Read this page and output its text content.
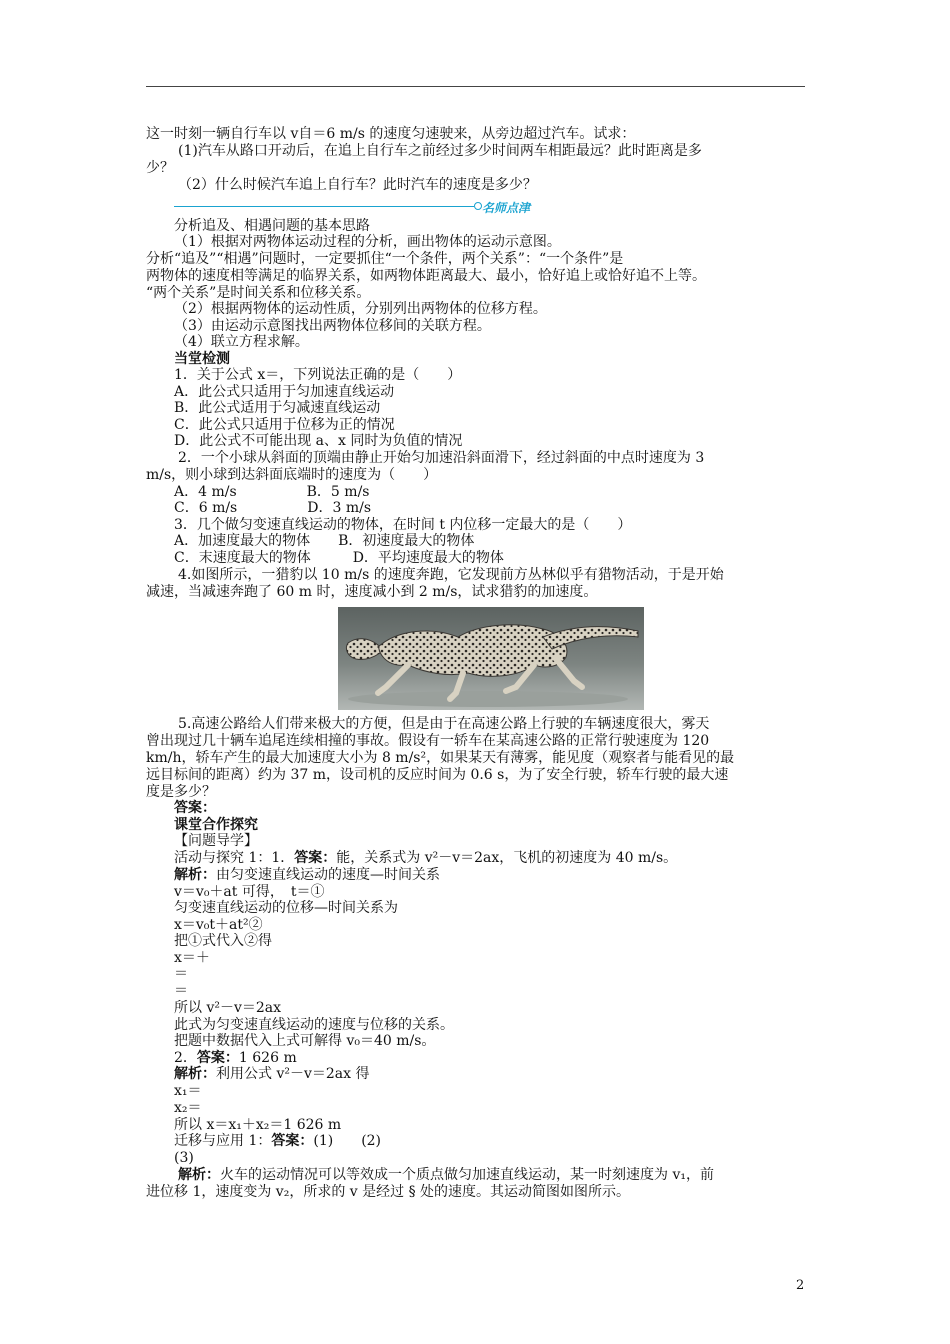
这一时刻一辆自行车以 v自＝6 m/s 的速度匀速驶来，从旁边超过汽车。试求：
(1)汽车从路口开动后，在追上自行车之前经过多少时间两车相距最远？此时距离是多
少？
（2）什么时候汽车追上自行车？此时汽车的速度是多少？
名师点津
分析追及、相遇问题的基本思路
（1）根据对两物体运动过程的分析，画出物体的运动示意图。
分析“追及”“相遇”问题时，一定要抓住“一个条件，两个关系”：“一个条件”是
两物体的速度相等满足的临界关系，如两物体距离最大、最小，恰好追上或恰好追不上等。
“两个关系”是时间关系和位移关系。
（2）根据两物体的运动性质，分别列出两物体的位移方程。
（3）由运动示意图找出两物体位移间的关联方程。
（4）联立方程求解。
当堂检测
1．关于公式 x＝，下列说法正确的是（　　）
A．此公式只适用于匀加速直线运动
B．此公式适用于匀减速直线运动
C．此公式只适用于位移为正的情况
D．此公式不可能出现 a、x 同时为负值的情况
2．一个小球从斜面的顶端由静止开始匀加速沿斜面滑下，经过斜面的中点时速度为 3
m/s，则小球到达斜面底端时的速度为（　　）
A．4 m/s　　　　　B．5 m/s
C．6 m/s　　　　　D．3 m/s
3．几个做匀变速直线运动的物体，在时间 t 内位移一定最大的是（　　）
A．加速度最大的物体　　B．初速度最大的物体
C．末速度最大的物体　　　D．平均速度最大的物体
4.如图所示，一猎豹以 10 m/s 的速度奔跑，它发现前方丛林似乎有猎物活动，于是开始
减速，当减速奔跑了 60 m 时，速度减小到 2 m/s，试求猎豹的加速度。
5.高速公路给人们带来极大的方便，但是由于在高速公路上行驶的车辆速度很大，雾天
曾出现过几十辆车追尾连续相撞的事故。假设有一轿车在某高速公路的正常行驶速度为 120
km/h，轿车产生的最大加速度大小为 8 m/s²，如果某天有薄雾，能见度（观察者与能看见的最
远目标间的距离）约为 37 m，设司机的反应时间为 0.6 s，为了安全行驶，轿车行驶的最大速
度是多少？
答案：
课堂合作探究
【问题导学】
活动与探究 1：1．答案：能，关系式为 v²－v＝2ax，飞机的初速度为 40 m/s。
解析：由匀变速直线运动的速度—时间关系
v＝v₀＋at 可得，　t＝①
匀变速直线运动的位移—时间关系为
x＝v₀t＋at²②
把①式代入②得
x＝＋
＝
＝
所以 v²－v＝2ax
此式为匀变速直线运动的速度与位移的关系。
把题中数据代入上式可解得 v₀＝40 m/s。
2．答案：1 626 m
解析：利用公式 v²－v＝2ax 得
x₁＝
x₂＝
所以 x＝x₁＋x₂＝1 626 m
迁移与应用 1：答案：(1)　　(2)
(3)
解析：火车的运动情况可以等效成一个质点做匀加速直线运动，某一时刻速度为 v₁，前
进位移 1，速度变为 v₂，所求的 v 是经过 § 处的速度。其运动简图如图所示。
2
